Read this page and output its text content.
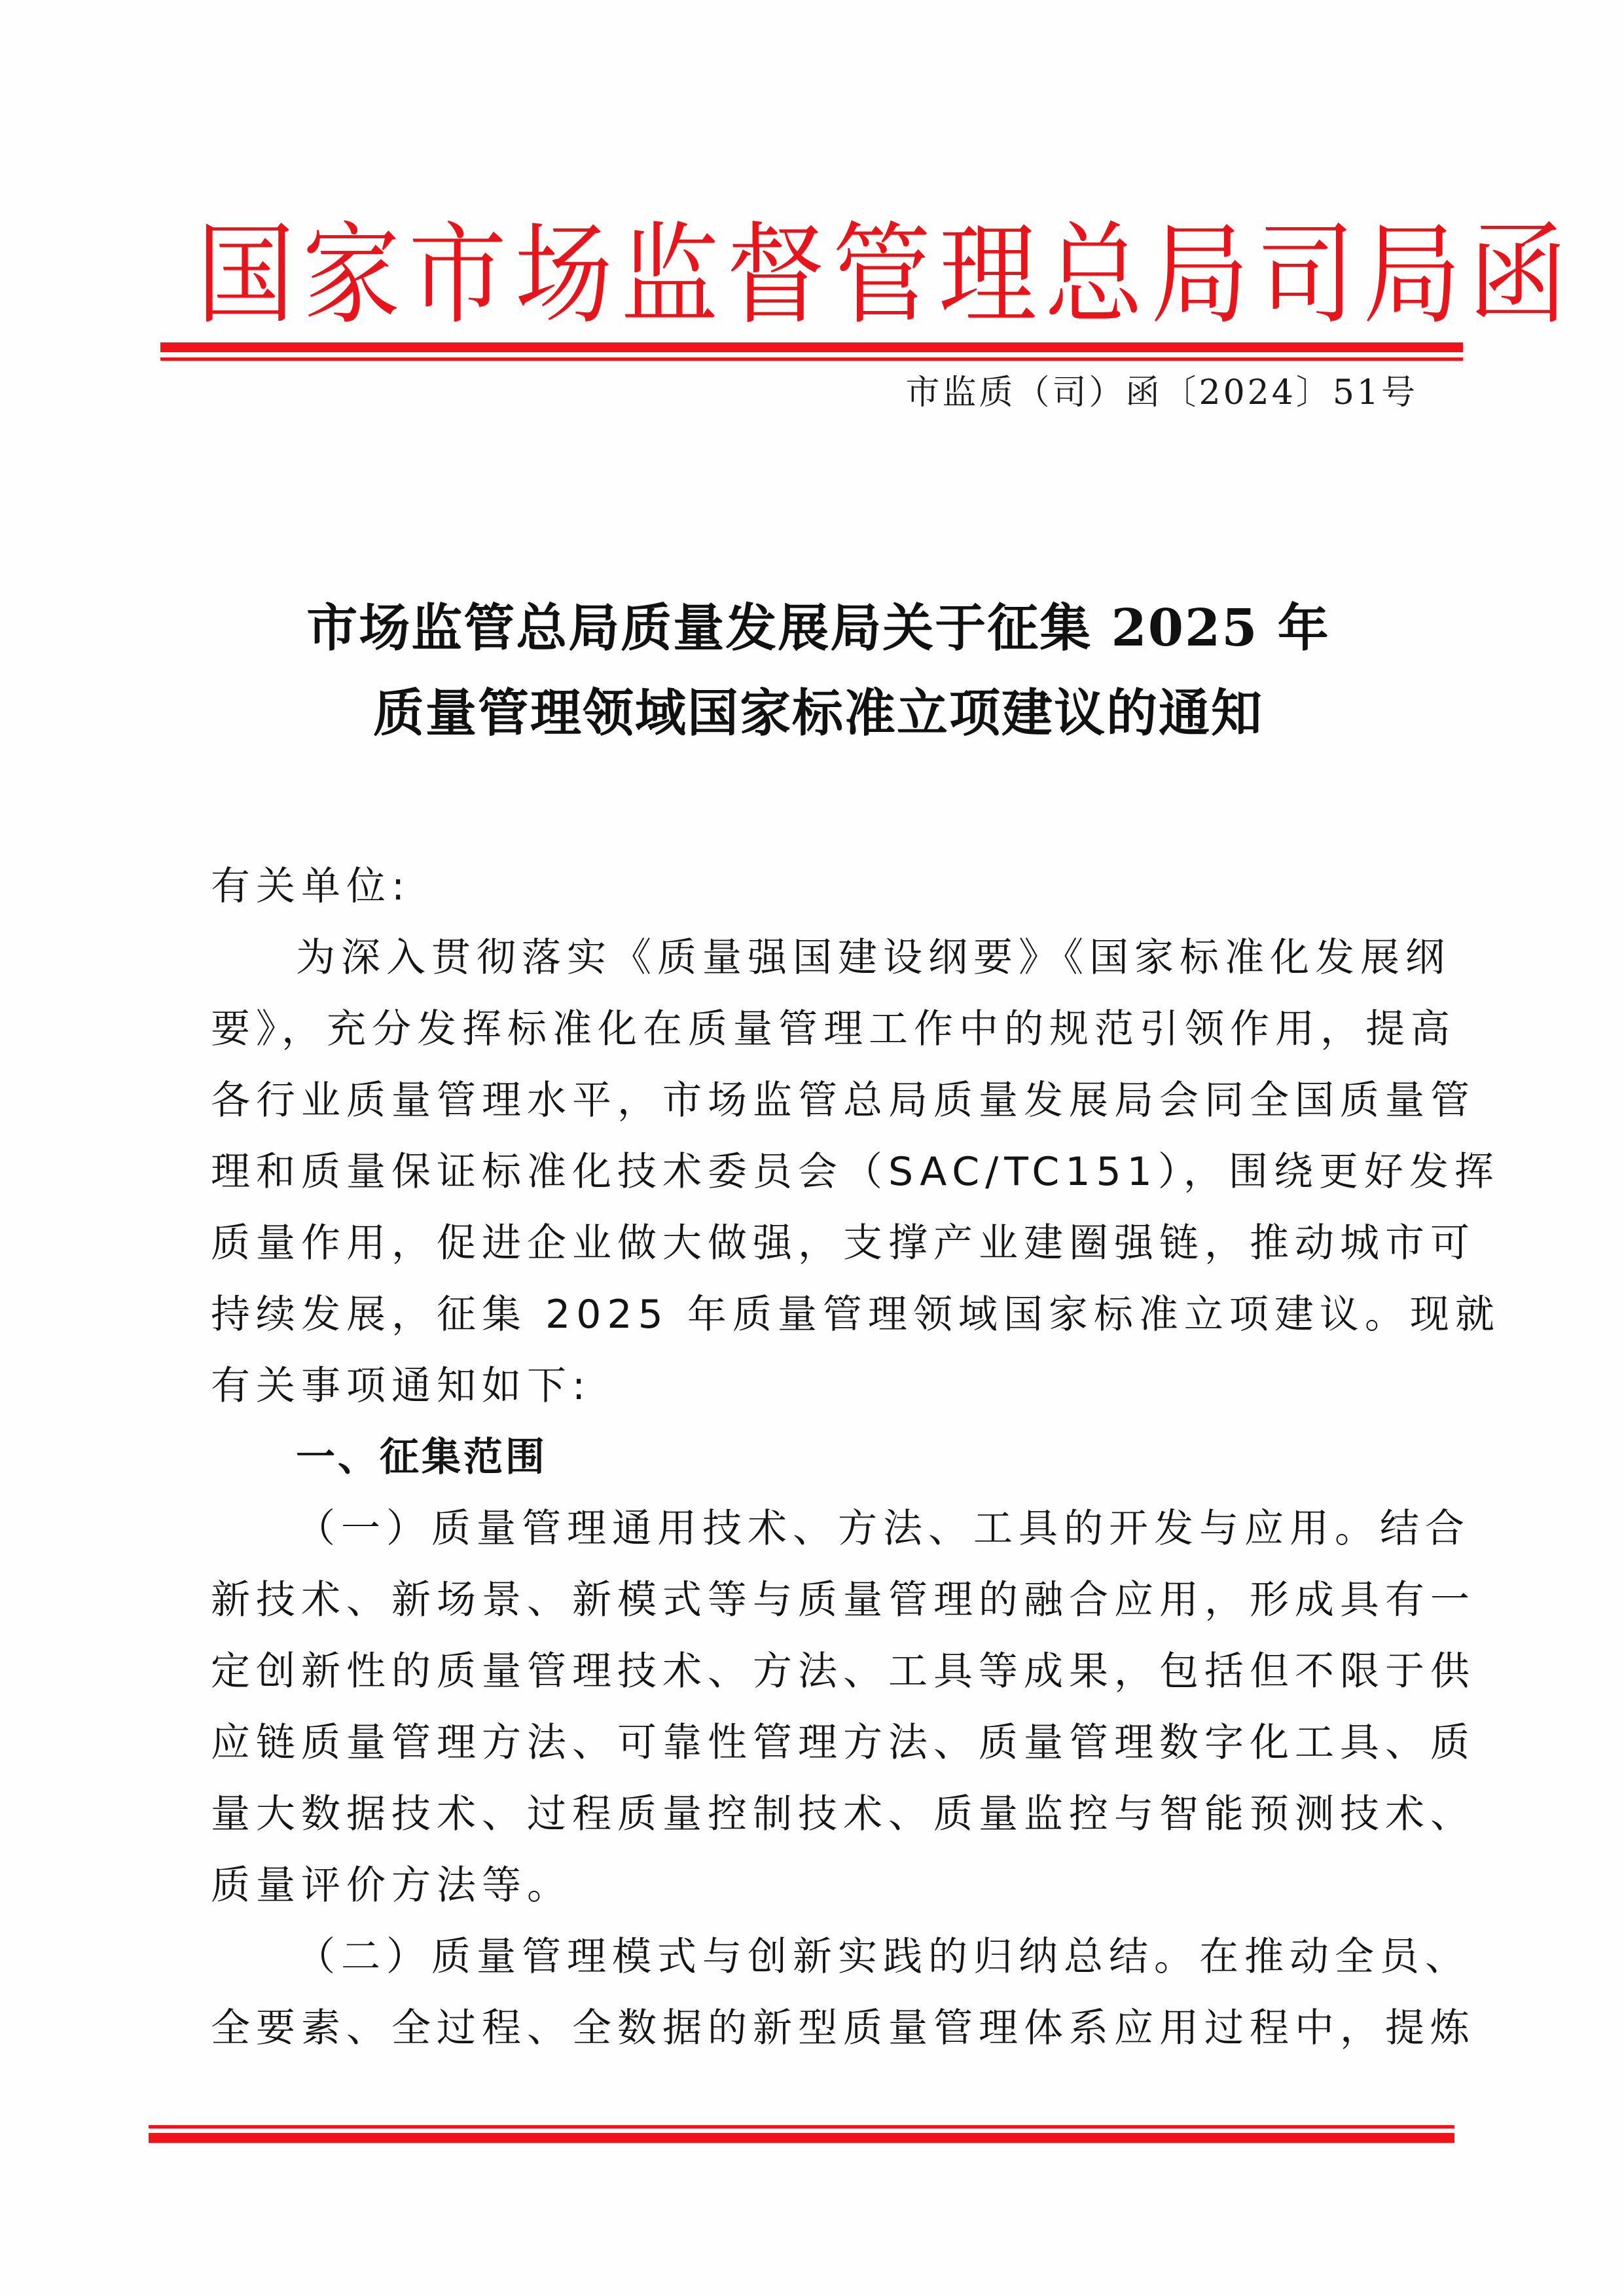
国家市场监督管理总局司局函
市监质（司）函〔2024〕51号
市场监管总局质量发展局关于征集 2025 年
质量管理领域国家标准立项建议的通知
有关单位:
为深入贯彻落实《质量强国建设纲要》《国家标准化发展纲
要》，充分发挥标准化在质量管理工作中的规范引领作用，提高
各行业质量管理水平，市场监管总局质量发展局会同全国质量管
理和质量保证标准化技术委员会（SAC/TC151），围绕更好发挥
质量作用，促进企业做大做强，支撑产业建圈强链，推动城市可
持续发展，征集 2025 年质量管理领域国家标准立项建议。现就
有关事项通知如下:
一、征集范围
（一）质量管理通用技术、方法、工具的开发与应用。结合
新技术、新场景、新模式等与质量管理的融合应用，形成具有一
定创新性的质量管理技术、方法、工具等成果，包括但不限于供
应链质量管理方法、可靠性管理方法、质量管理数字化工具、质
量大数据技术、过程质量控制技术、质量监控与智能预测技术、
质量评价方法等。
（二）质量管理模式与创新实践的归纳总结。在推动全员、
全要素、全过程、全数据的新型质量管理体系应用过程中，提炼
